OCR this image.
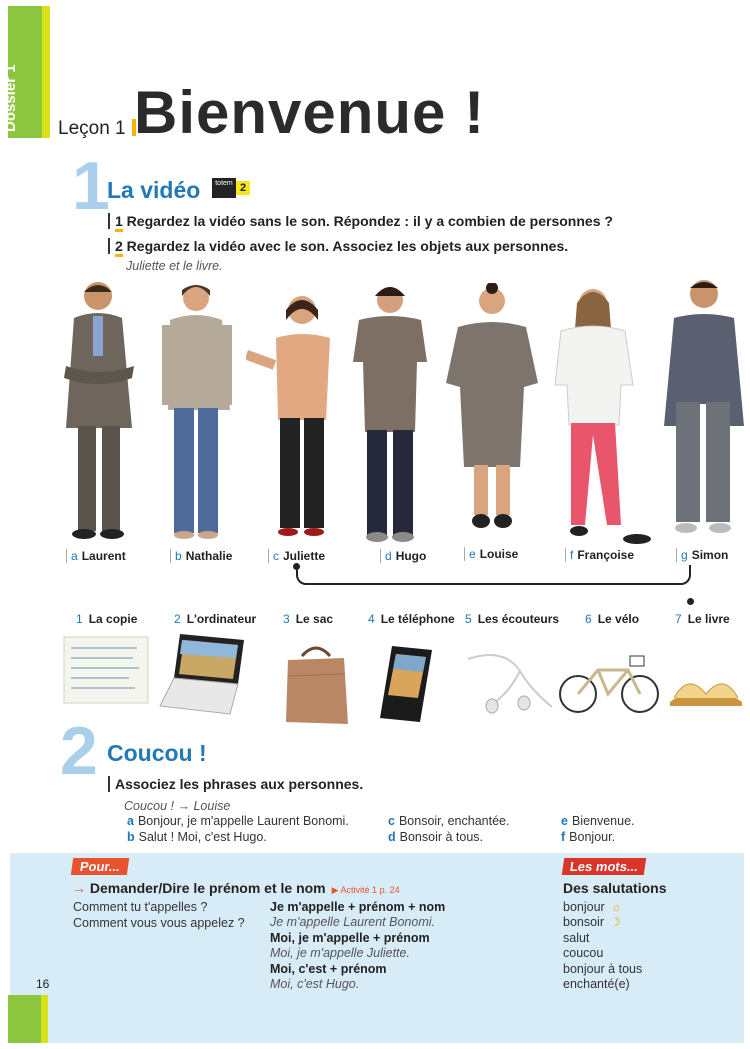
Dossier 1 Leçon 1 Bienvenue !
1
La vidéo	totem 2
1 Regardez la vidéo sans le son. Répondez : il y a combien de personnes ?
2 Regardez la vidéo avec le son. Associez les objets aux personnes.
Juliette et le livre.
a Laurent	b Nathalie	c Juliette	d Hugo	e Louise	f Françoise	g Simon
1 La copie	2 L'ordinateur 3 Le sac	4 Le téléphone 5 Les écouteurs 6 Le vélo	7 Le livre
2 Coucou !
Associez les phrases aux personnes.
Coucou ! → Louise
a Bonjour, je m'appelle Laurent Bonomi.
b Salut ! Moi, c'est Hugo.
c Bonsoir, enchantée.
d Bonsoir à tous.
e Bienvenue.
f Bonjour.
Pour...
→ Demander/Dire le prénom et le nom ▶ Activité 1 p. 24
Comment tu t'appelles ?
Comment vous vous appelez ?
Je m'appelle + prénom + nom
Je m'appelle Laurent Bonomi.
Moi, je m'appelle + prénom
Moi, je m'appelle Juliette.
Moi, c'est + prénom
Moi, c'est Hugo.
Les mots...
Des salutations
bonjour ☼
bonsoir ☽
salut
coucou
bonjour à tous
enchanté(e)
16
